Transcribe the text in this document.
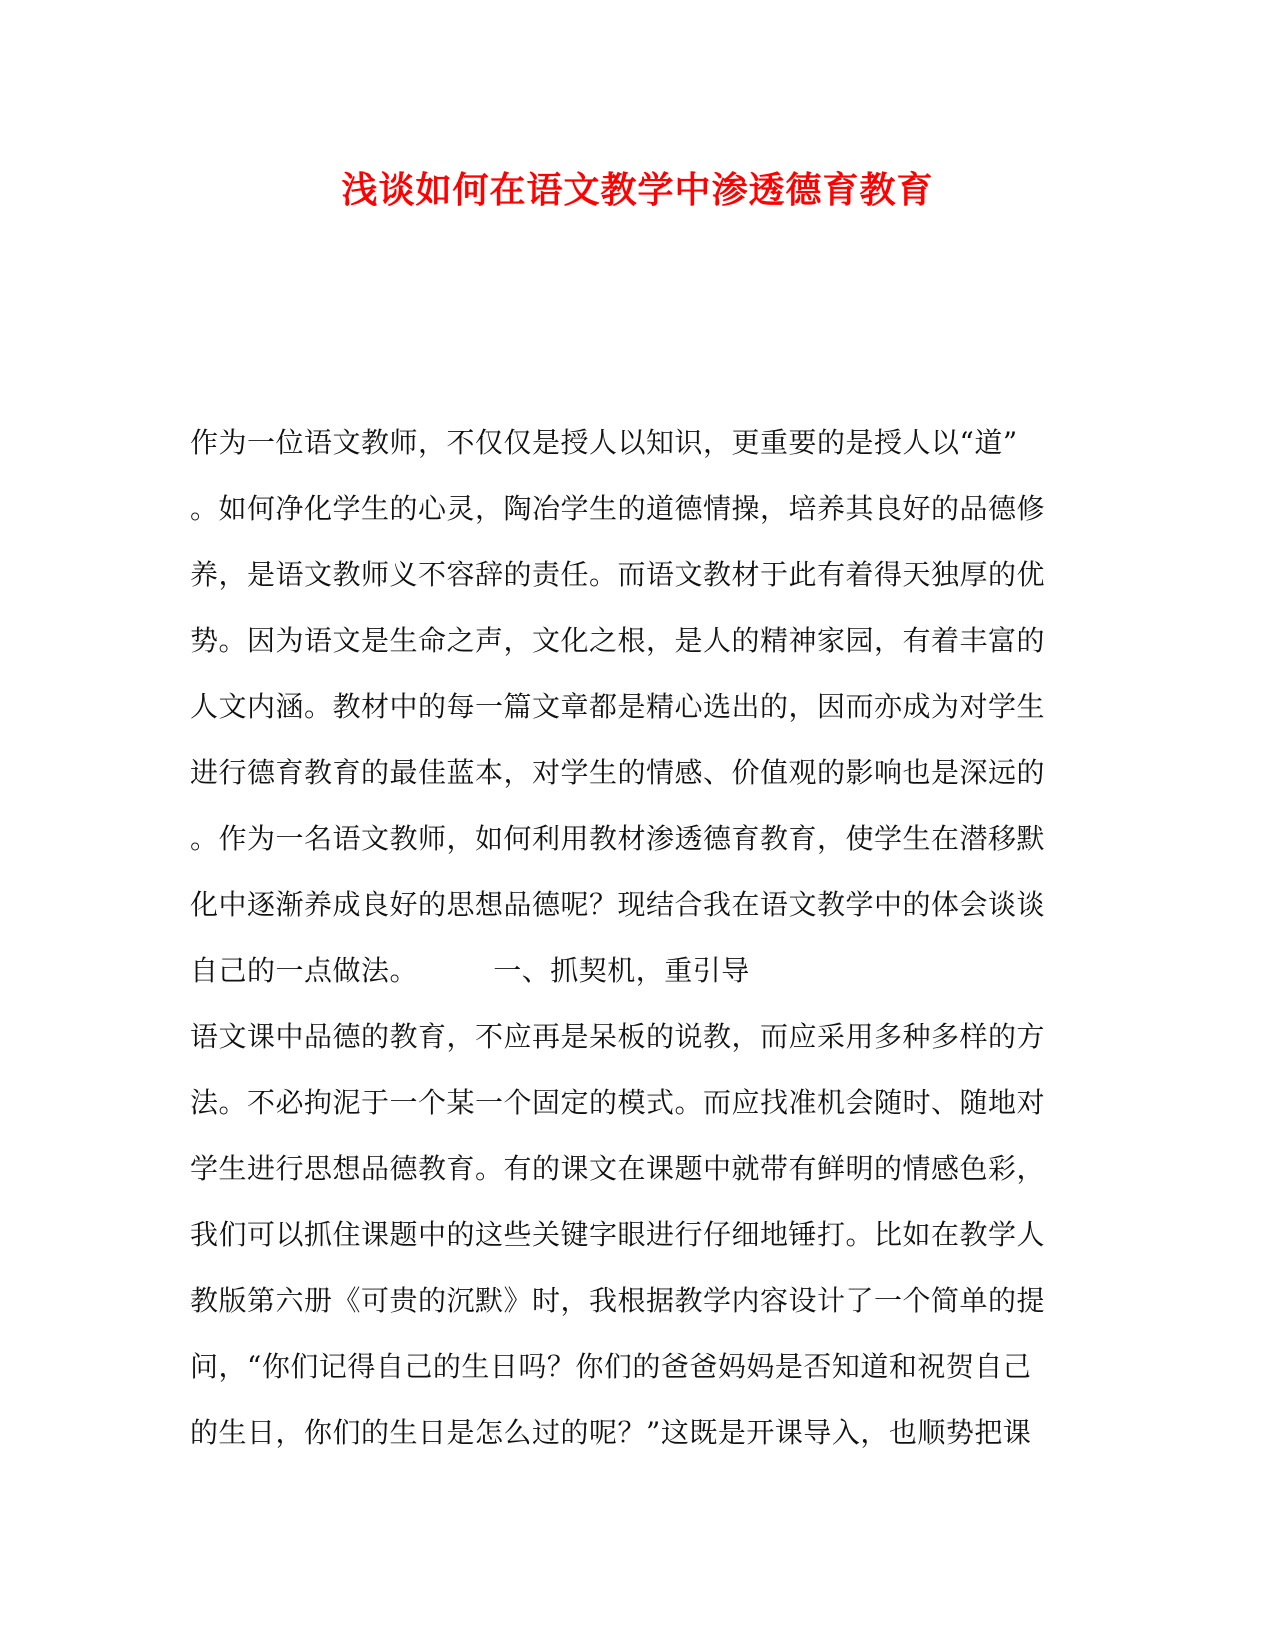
浅谈如何在语文教学中渗透德育教育

作为一位语文教师，不仅仅是授人以知识，更重要的是授人以“道”

。如何净化学生的心灵，陶冶学生的道德情操，培养其良好的品德修

养，是语文教师义不容辞的责任。而语文教材于此有着得天独厚的优

势。因为语文是生命之声，文化之根，是人的精神家园，有着丰富的

人文内涵。教材中的每一篇文章都是精心选出的，因而亦成为对学生

进行德育教育的最佳蓝本，对学生的情感、价值观的影响也是深远的

。作为一名语文教师，如何利用教材渗透德育教育，使学生在潜移默

化中逐渐养成良好的思想品德呢？现结合我在语文教学中的体会谈谈

自己的一点做法。        一、抓契机，重引导

语文课中品德的教育，不应再是呆板的说教，而应采用多种多样的方

法。不必拘泥于一个某一个固定的模式。而应找准机会随时、随地对

学生进行思想品德教育。有的课文在课题中就带有鲜明的情感色彩，

我们可以抓住课题中的这些关键字眼进行仔细地锤打。比如在教学人

教版第六册《可贵的沉默》时，我根据教学内容设计了一个简单的提

问，“你们记得自己的生日吗？你们的爸爸妈妈是否知道和祝贺自己

的生日，你们的生日是怎么过的呢？”这既是开课导入，也顺势把课
